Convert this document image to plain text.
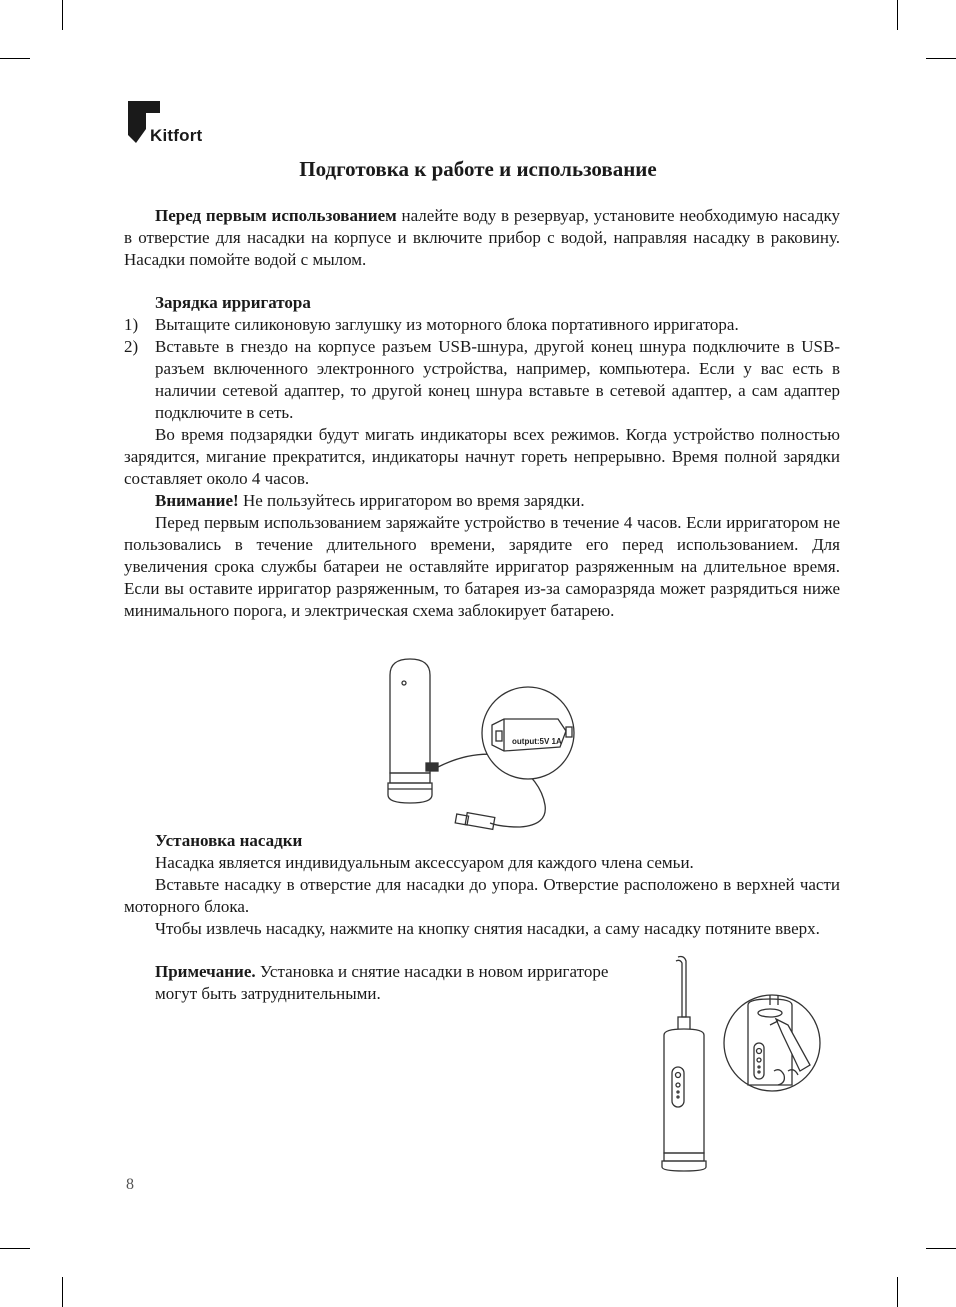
Kitfort
Подготовка к работе и использование

Перед первым использованием налейте воду в резервуар, установите необходимую насадку в отверстие для насадки на корпусе и включите прибор с водой, направляя насадку в раковину. Насадки помойте водой с мылом.

Зарядка ирригатора

1) Вытащите силиконовую заглушку из моторного блока портативного ирригатора.

2) Вставьте в гнездо на корпусе разъем USB-шнура, другой конец шнура подключите в USB-разъем включенного электронного устройства, например, компьютера. Если у вас есть в наличии сетевой адаптер, то другой конец шнура вставьте в сетевой адаптер, а сам адаптер подключите в сеть.

Во время подзарядки будут мигать индикаторы всех режимов. Когда устройство полностью зарядится, мигание прекратится, индикаторы начнут гореть непрерывно. Время полной зарядки составляет около 4 часов.

Внимание! Не пользуйтесь ирригатором во время зарядки.

Перед первым использованием заряжайте устройство в течение 4 часов. Если ирригатором не пользовались в течение длительного времени, зарядите его перед использованием. Для увеличения срока службы батареи не оставляйте ирригатор разряженным на длительное время. Если вы оставите ирригатор разряженным, то батарея из-за саморазряда может разрядиться ниже минимального порога, и электрическая схема заблокирует батарею.

output:5V 1A

Установка насадки

Насадка является индивидуальным аксессуаром для каждого члена семьи.

Вставьте насадку в отверстие для насадки до упора. Отверстие расположено в верхней части моторного блока.

Чтобы извлечь насадку, нажмите на кнопку снятия насадки, а саму насадку потяните вверх.

Примечание. Установка и снятие насадки в новом ирригаторе могут быть затруднительными.

8
